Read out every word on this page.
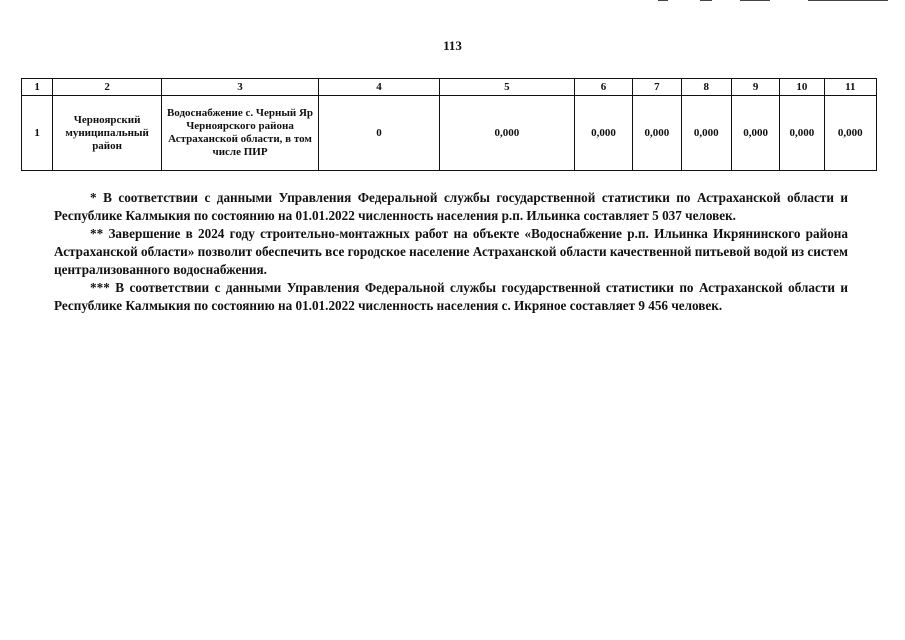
113
1	2	3	4	5	6	7	8	9	10	11
1	Черноярский муниципальный район	Водоснабжение с. Черный Яр Черноярского района Астраханской области, в том числе ПИР	0	0,000	0,000	0,000	0,000	0,000	0,000	0,000

* В соответствии с данными Управления Федеральной службы государственной статистики по Астраханской области и Республике Калмыкия по состоянию на 01.01.2022 численность населения р.п. Ильинка составляет 5 037 человек.

** Завершение в 2024 году строительно-монтажных работ на объекте «Водоснабжение р.п. Ильинка Икрянинского района Астраханской области» позволит обеспечить все городское население Астраханской области качественной питьевой водой из систем централизованного водоснабжения.

*** В соответствии с данными Управления Федеральной службы государственной статистики по Астраханской области и Республике Калмыкия по состоянию на 01.01.2022 численность населения с. Икряное составляет 9 456 человек.
